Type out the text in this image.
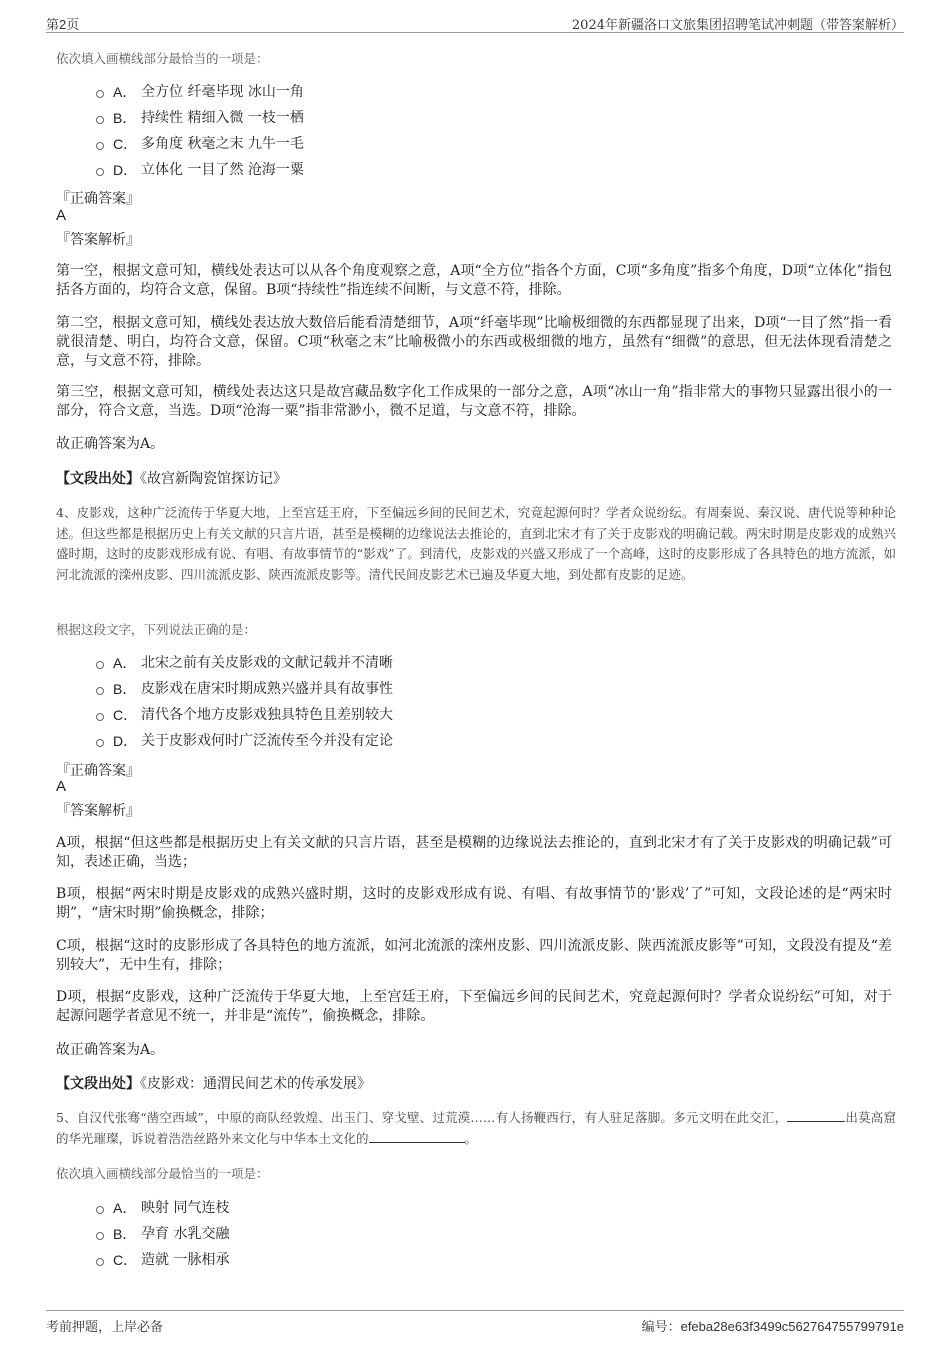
第2页	2024年新疆洛口文旅集团招聘笔试冲刺题（带答案解析）
依次填入画横线部分最恰当的一项是：
A． 全方位 纤毫毕现 冰山一角
B． 持续性 精细入微 一枝一栖
C． 多角度 秋毫之末 九牛一毛
D． 立体化 一目了然 沧海一粟
『正确答案』
A
『答案解析』
第一空，根据文意可知，横线处表达可以从各个角度观察之意，A项“全方位”指各个方面，C项“多角度”指多个角度，D项“立体化”指包括各方面的，均符合文意，保留。B项“持续性”指连续不间断，与文意不符，排除。
第二空，根据文意可知，横线处表达放大数倍后能看清楚细节，A项“纤毫毕现”比喻极细微的东西都显现了出来，D项“一目了然”指一看就很清楚、明白，均符合文意，保留。C项“秋毫之末”比喻极微小的东西或极细微的地方，虽然有“细微”的意思，但无法体现看清楚之意，与文意不符，排除。
第三空，根据文意可知，横线处表达这只是故宫藏品数字化工作成果的一部分之意，A项“冰山一角”指非常大的事物只显露出很小的一部分，符合文意，当选。D项“沧海一粟”指非常渺小，微不足道，与文意不符，排除。
故正确答案为A。
【文段出处】《故宫新陶瓷馆探访记》
4、皮影戏，这种广泛流传于华夏大地，上至宫廷王府，下至偏远乡间的民间艺术，究竟起源何时？学者众说纷纭。有周秦说、秦汉说、唐代说等种种论述。但这些都是根据历史上有关文献的只言片语，甚至是模糊的边缘说法去推论的，直到北宋才有了关于皮影戏的明确记载。两宋时期是皮影戏的成熟兴盛时期，这时的皮影戏形成有说、有唱、有故事情节的“影戏”了。到清代，皮影戏的兴盛又形成了一个高峰，这时的皮影形成了各具特色的地方流派，如河北流派的滦州皮影、四川流派皮影、陕西流派皮影等。清代民间皮影艺术已遍及华夏大地，到处都有皮影的足迹。
根据这段文字，下列说法正确的是：
A． 北宋之前有关皮影戏的文献记载并不清晰
B． 皮影戏在唐宋时期成熟兴盛并具有故事性
C． 清代各个地方皮影戏独具特色且差别较大
D． 关于皮影戏何时广泛流传至今并没有定论
『正确答案』
A
『答案解析』
A项，根据“但这些都是根据历史上有关文献的只言片语，甚至是模糊的边缘说法去推论的，直到北宋才有了关于皮影戏的明确记载”可知，表述正确，当选；
B项，根据“两宋时期是皮影戏的成熟兴盛时期，这时的皮影戏形成有说、有唱、有故事情节的‘影戏’了”可知，文段论述的是“两宋时期”，“唐宋时期”偷换概念，排除；
C项，根据“这时的皮影形成了各具特色的地方流派，如河北流派的滦州皮影、四川流派皮影、陕西流派皮影等”可知，文段没有提及“差别较大”，无中生有，排除；
D项，根据“皮影戏，这种广泛流传于华夏大地，上至宫廷王府，下至偏远乡间的民间艺术，究竟起源何时？学者众说纷纭”可知，对于起源问题学者意见不统一，并非是“流传”，偷换概念，排除。
故正确答案为A。
【文段出处】《皮影戏：通渭民间艺术的传承发展》
5、自汉代张骞“凿空西域”，中原的商队经敦煌、出玉门、穿戈壁、过荒漠……有人扬鞭西行，有人驻足落脚。多元文明在此交汇，	出莫高窟的华光璀璨，诉说着浩浩丝路外来文化与中华本土文化的	。
依次填入画横线部分最恰当的一项是：
A． 映射 同气连枝
B． 孕育 水乳交融
C． 造就 一脉相承
考前押题，上岸必备	编号：efeba28e63f3499c562764755799791e
